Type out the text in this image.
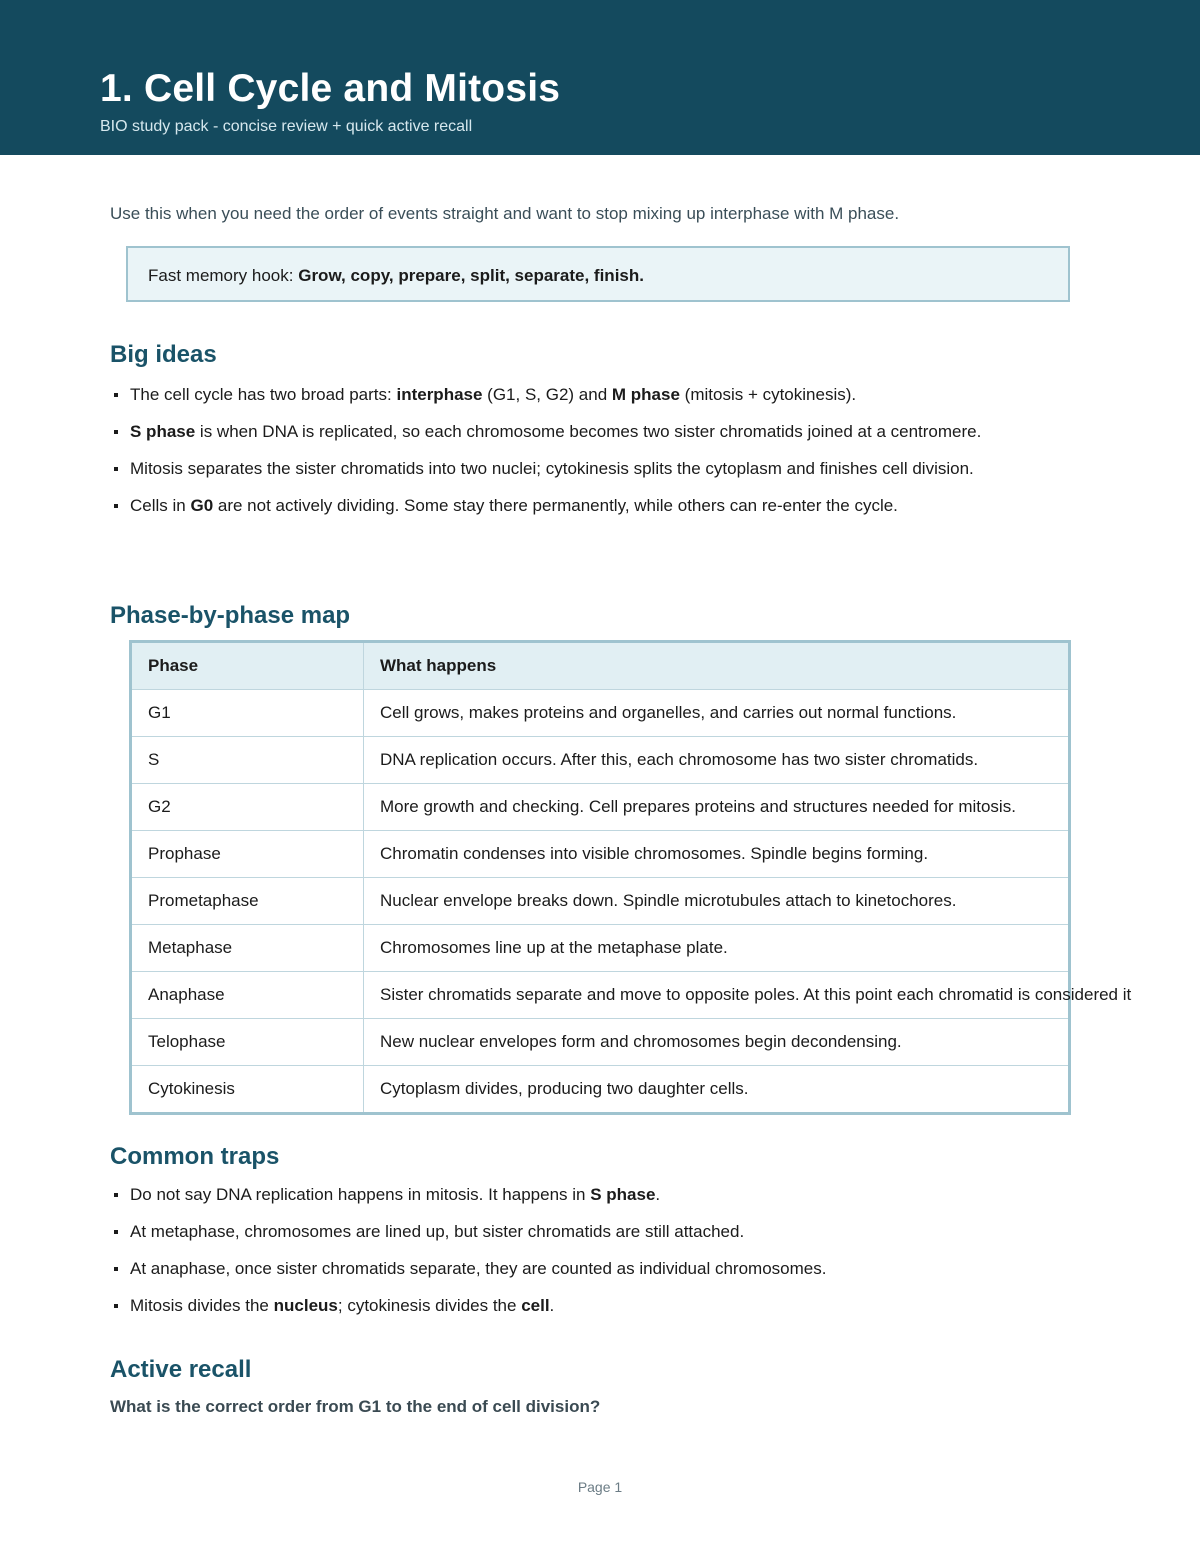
1. Cell Cycle and Mitosis
BIO study pack - concise review + quick active recall
Use this when you need the order of events straight and want to stop mixing up interphase with M phase.
Fast memory hook: Grow, copy, prepare, split, separate, finish.
Big ideas
The cell cycle has two broad parts: interphase (G1, S, G2) and M phase (mitosis + cytokinesis).
S phase is when DNA is replicated, so each chromosome becomes two sister chromatids joined at a centromere.
Mitosis separates the sister chromatids into two nuclei; cytokinesis splits the cytoplasm and finishes cell division.
Cells in G0 are not actively dividing. Some stay there permanently, while others can re-enter the cycle.
Phase-by-phase map
Phase	What happens
G1	Cell grows, makes proteins and organelles, and carries out normal functions.
S	DNA replication occurs. After this, each chromosome has two sister chromatids.
G2	More growth and checking. Cell prepares proteins and structures needed for mitosis.
Prophase	Chromatin condenses into visible chromosomes. Spindle begins forming.
Prometaphase	Nuclear envelope breaks down. Spindle microtubules attach to kinetochores.
Metaphase	Chromosomes line up at the metaphase plate.
Anaphase	Sister chromatids separate and move to opposite poles. At this point each chromatid is considered it
Telophase	New nuclear envelopes form and chromosomes begin decondensing.
Cytokinesis	Cytoplasm divides, producing two daughter cells.
Common traps
Do not say DNA replication happens in mitosis. It happens in S phase.
At metaphase, chromosomes are lined up, but sister chromatids are still attached.
At anaphase, once sister chromatids separate, they are counted as individual chromosomes.
Mitosis divides the nucleus; cytokinesis divides the cell.
Active recall
What is the correct order from G1 to the end of cell division?
Page 1
